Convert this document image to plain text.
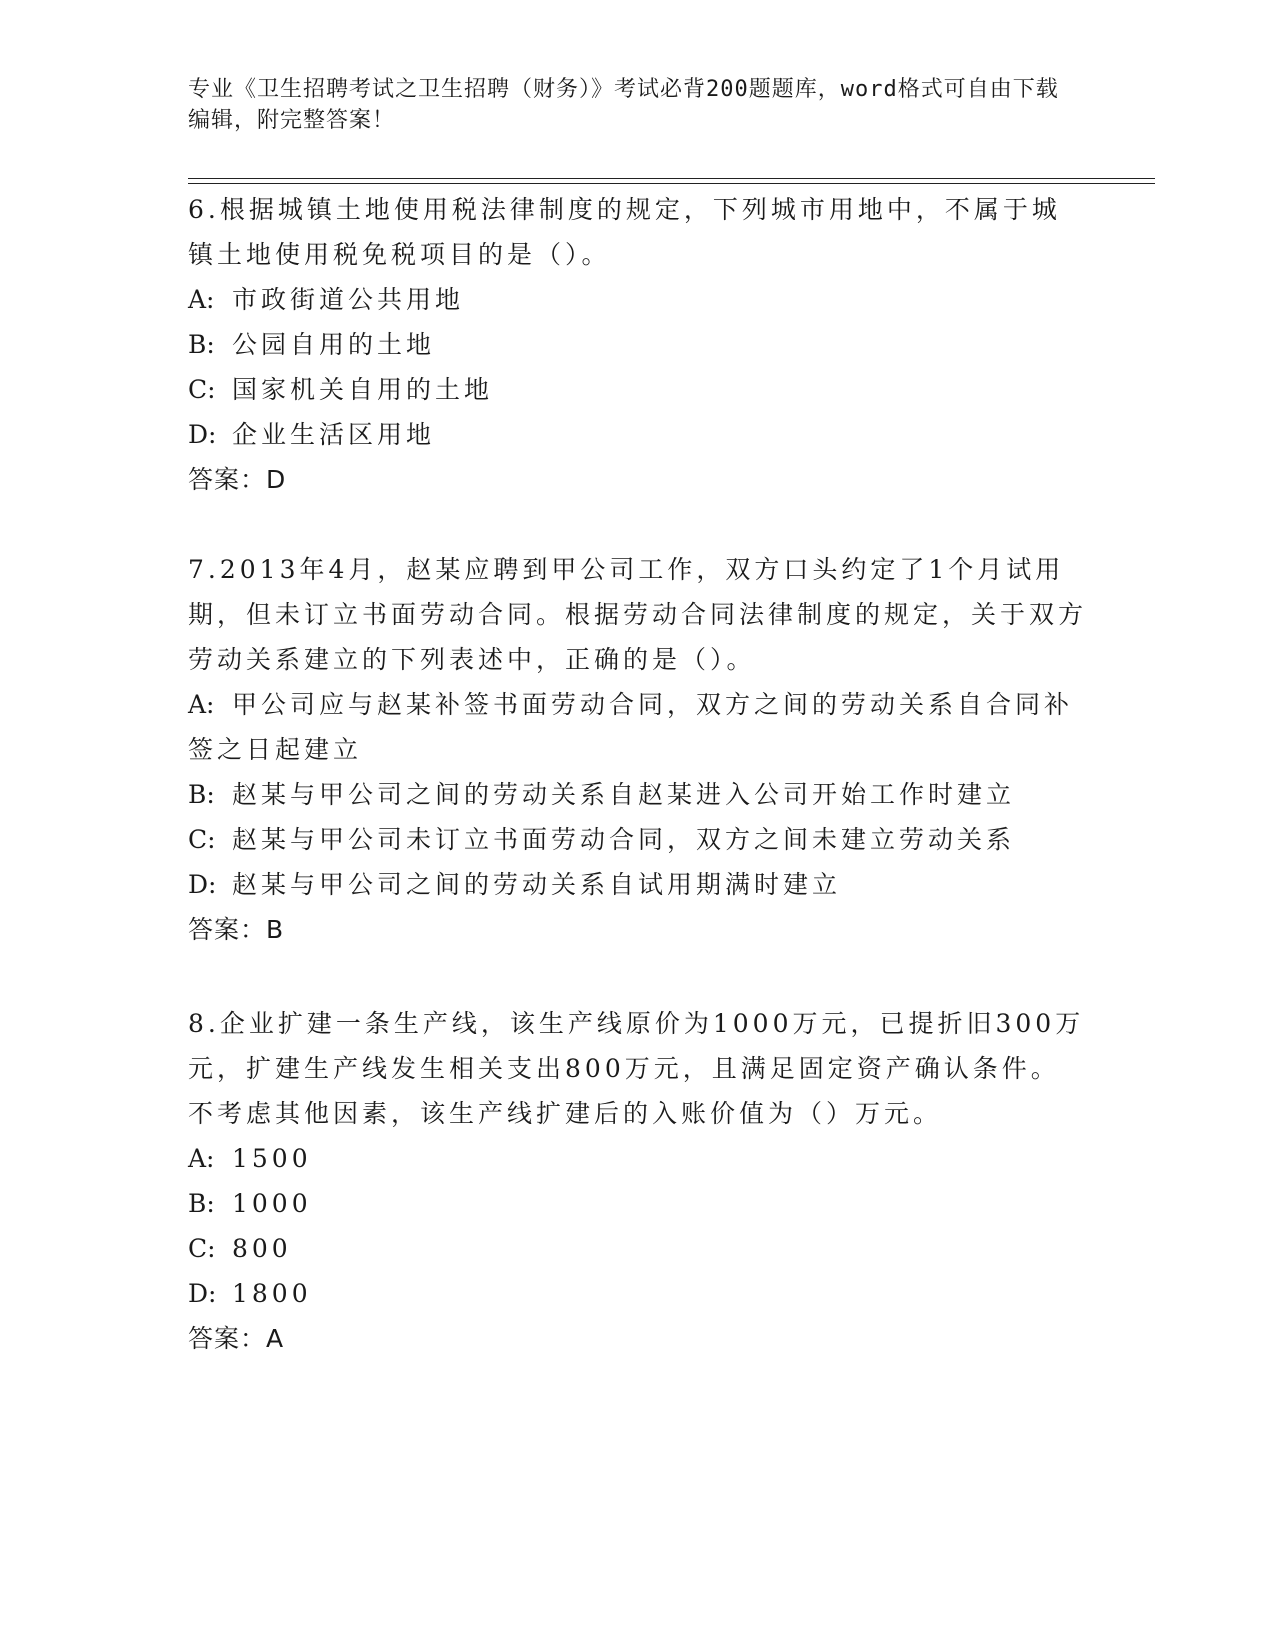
专业《卫生招聘考试之卫生招聘（财务）》考试必背200题题库，word格式可自由下载编辑，附完整答案！

6.根据城镇土地使用税法律制度的规定，下列城市用地中，不属于城镇土地使用税免税项目的是（）。

A: 市政街道公共用地

B: 公园自用的土地

C: 国家机关自用的土地

D: 企业生活区用地

答案：D

7.2013年4月，赵某应聘到甲公司工作，双方口头约定了1个月试用期，但未订立书面劳动合同。根据劳动合同法律制度的规定，关于双方劳动关系建立的下列表述中，正确的是（）。

A: 甲公司应与赵某补签书面劳动合同，双方之间的劳动关系自合同补签之日起建立

B: 赵某与甲公司之间的劳动关系自赵某进入公司开始工作时建立

C: 赵某与甲公司未订立书面劳动合同，双方之间未建立劳动关系

D: 赵某与甲公司之间的劳动关系自试用期满时建立

答案：B

8.企业扩建一条生产线，该生产线原价为1000万元，已提折旧300万元，扩建生产线发生相关支出800万元，且满足固定资产确认条件。不考虑其他因素，该生产线扩建后的入账价值为（）万元。

A: 1500

B: 1000

C: 800

D: 1800

答案：A
